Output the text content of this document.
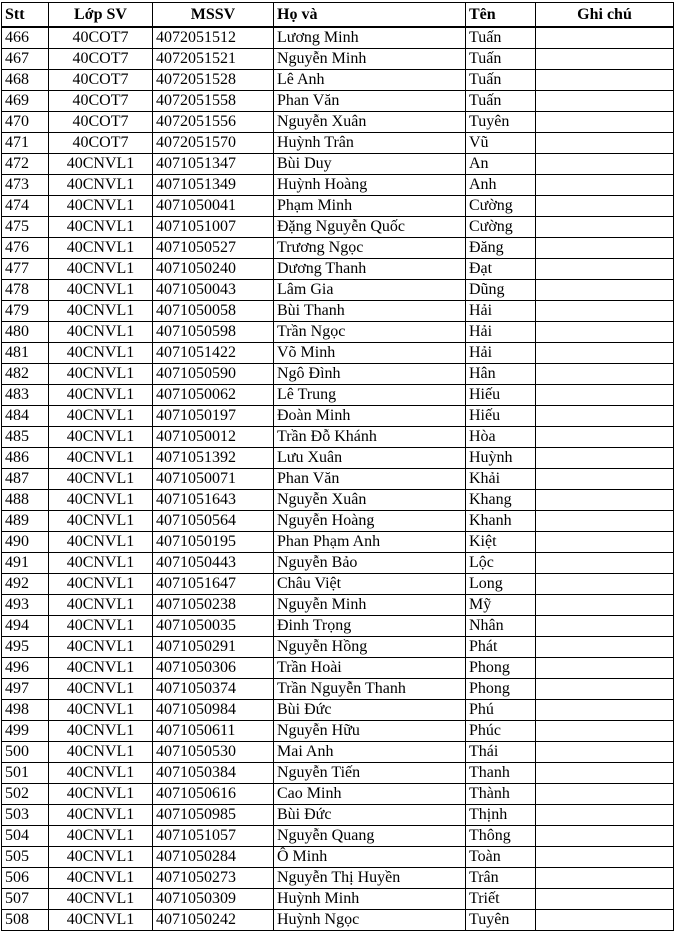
Stt	Lớp SV	MSSV	Họ và	Tên	Ghi chú
466	40COT7	4072051512	Lương Minh	Tuấn	
467	40COT7	4072051521	Nguyễn Minh	Tuấn	
468	40COT7	4072051528	Lê Anh	Tuấn	
469	40COT7	4072051558	Phan Văn	Tuấn	
470	40COT7	4072051556	Nguyễn Xuân	Tuyên	
471	40COT7	4072051570	Huỳnh Trân	Vũ	
472	40CNVL1	4071051347	Bùi Duy	An	
473	40CNVL1	4071051349	Huỳnh Hoàng	Anh	
474	40CNVL1	4071050041	Phạm Minh	Cường	
475	40CNVL1	4071051007	Đặng Nguyễn Quốc	Cường	
476	40CNVL1	4071050527	Trương Ngọc	Đăng	
477	40CNVL1	4071050240	Dương Thanh	Đạt	
478	40CNVL1	4071050043	Lâm Gia	Dũng	
479	40CNVL1	4071050058	Bùi Thanh	Hải	
480	40CNVL1	4071050598	Trần Ngọc	Hải	
481	40CNVL1	4071051422	Võ Minh	Hải	
482	40CNVL1	4071050590	Ngô Đình	Hân	
483	40CNVL1	4071050062	Lê Trung	Hiếu	
484	40CNVL1	4071050197	Đoàn Minh	Hiếu	
485	40CNVL1	4071050012	Trần Đỗ Khánh	Hòa	
486	40CNVL1	4071051392	Lưu Xuân	Huỳnh	
487	40CNVL1	4071050071	Phan Văn	Khải	
488	40CNVL1	4071051643	Nguyễn Xuân	Khang	
489	40CNVL1	4071050564	Nguyễn Hoàng	Khanh	
490	40CNVL1	4071050195	Phan Phạm Anh	Kiệt	
491	40CNVL1	4071050443	Nguyễn Bảo	Lộc	
492	40CNVL1	4071051647	Châu Việt	Long	
493	40CNVL1	4071050238	Nguyễn Minh	Mỹ	
494	40CNVL1	4071050035	Đinh Trọng	Nhân	
495	40CNVL1	4071050291	Nguyễn Hồng	Phát	
496	40CNVL1	4071050306	Trần Hoài	Phong	
497	40CNVL1	4071050374	Trần Nguyễn Thanh	Phong	
498	40CNVL1	4071050984	Bùi Đức	Phú	
499	40CNVL1	4071050611	Nguyễn Hữu	Phúc	
500	40CNVL1	4071050530	Mai Anh	Thái	
501	40CNVL1	4071050384	Nguyễn Tiến	Thanh	
502	40CNVL1	4071050616	Cao Minh	Thành	
503	40CNVL1	4071050985	Bùi Đức	Thịnh	
504	40CNVL1	4071051057	Nguyễn Quang	Thông	
505	40CNVL1	4071050284	Ô Minh	Toàn	
506	40CNVL1	4071050273	Nguyễn Thị Huyền	Trân	
507	40CNVL1	4071050309	Huỳnh Minh	Triết	
508	40CNVL1	4071050242	Huỳnh Ngọc	Tuyên	
